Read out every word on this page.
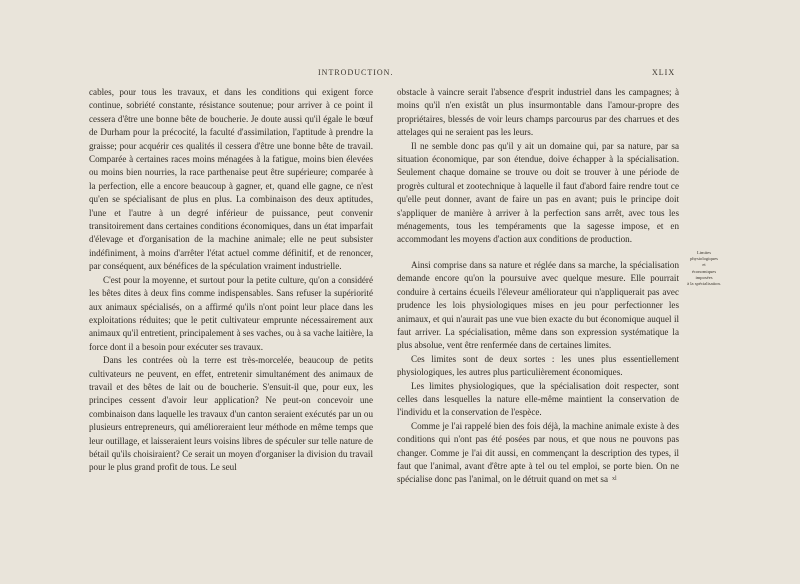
INTRODUCTION.	XLIX

cables, pour tous les travaux, et dans les conditions qui exigent force continue, sobriété constante, résistance soutenue; pour arriver à ce point il cessera d'être une bonne bête de boucherie. Je doute aussi qu'il égale le bœuf de Durham pour la précocité, la faculté d'assimilation, l'aptitude à prendre la graisse; pour acquérir ces qualités il cessera d'être une bonne bête de travail. Comparée à certaines races moins ménagées à la fatigue, moins bien élevées ou moins bien nourries, la race parthenaise peut être supérieure; comparée à la perfection, elle a encore beaucoup à gagner, et, quand elle gagne, ce n'est qu'en se spécialisant de plus en plus. La combinaison des deux aptitudes, l'une et l'autre à un degré inférieur de puissance, peut convenir transitoirement dans certaines conditions économiques, dans un état imparfait d'élevage et d'organisation de la machine animale; elle ne peut subsister indéfiniment, à moins d'arrêter l'état actuel comme définitif, et de renoncer, par conséquent, aux bénéfices de la spéculation vraiment industrielle.

C'est pour la moyenne, et surtout pour la petite culture, qu'on a considéré les bêtes dites à deux fins comme indispensables. Sans refuser la supériorité aux animaux spécialisés, on a affirmé qu'ils n'ont point leur place dans les exploitations réduites; que le petit cultivateur emprunte nécessairement aux animaux qu'il entretient, principalement à ses vaches, ou à sa vache laitière, la force dont il a besoin pour exécuter ses travaux.

Dans les contrées où la terre est très-morcelée, beaucoup de petits cultivateurs ne peuvent, en effet, entretenir simultanément des animaux de travail et des bêtes de lait ou de boucherie. S'ensuit-il que, pour eux, les principes cessent d'avoir leur application? Ne peut-on concevoir une combinaison dans laquelle les travaux d'un canton seraient exécutés par un ou plusieurs entrepreneurs, qui amélioreraient leur méthode en même temps que leur outillage, et laisseraient leurs voisins libres de spéculer sur telle nature de bétail qu'ils choisiraient? Ce serait un moyen d'organiser la division du travail pour le plus grand profit de tous. Le seul

obstacle à vaincre serait l'absence d'esprit industriel dans les campagnes; à moins qu'il n'en existât un plus insurmontable dans l'amour-propre des propriétaires, blessés de voir leurs champs parcourus par des charrues et des attelages qui ne seraient pas les leurs.

Il ne semble donc pas qu'il y ait un domaine qui, par sa nature, par sa situation économique, par son étendue, doive échapper à la spécialisation. Seulement chaque domaine se trouve ou doit se trouver à une période de progrès cultural et zootechnique à laquelle il faut d'abord faire rendre tout ce qu'elle peut donner, avant de faire un pas en avant; puis le principe doit s'appliquer de manière à arriver à la perfection sans arrêt, avec tous les ménagements, tous les tempéraments que la sagesse impose, et en accommodant les moyens d'action aux conditions de production.

Ainsi comprise dans sa nature et réglée dans sa marche, la spécialisation demande encore qu'on la poursuive avec quelque mesure. Elle pourrait conduire à certains écueils l'éleveur améliorateur qui n'appliquerait pas avec prudence les lois physiologiques mises en jeu pour perfectionner les animaux, et qui n'aurait pas une vue bien exacte du but économique auquel il faut arriver. La spécialisation, même dans son expression systématique la plus absolue, vent être renfermée dans de certaines limites.

Ces limites sont de deux sortes : les unes plus essentiellement physiologiques, les autres plus particulièrement économiques.

Les limites physiologiques, que la spécialisation doit respecter, sont celles dans lesquelles la nature elle-même maintient la conservation de l'individu et la conservation de l'espèce.

Comme je l'ai rappelé bien des fois déjà, la machine animale existe à des conditions qui n'ont pas été posées par nous, et que nous ne pouvons pas changer. Comme je l'ai dit aussi, en commençant la description des types, il faut que l'animal, avant d'être apte à tel ou tel emploi, se porte bien. On ne spécialise donc pas l'animal, on le détruit quand on met sa

Limites
physiologiques
et
économiques
imposées
à la spécialisation.
xl
